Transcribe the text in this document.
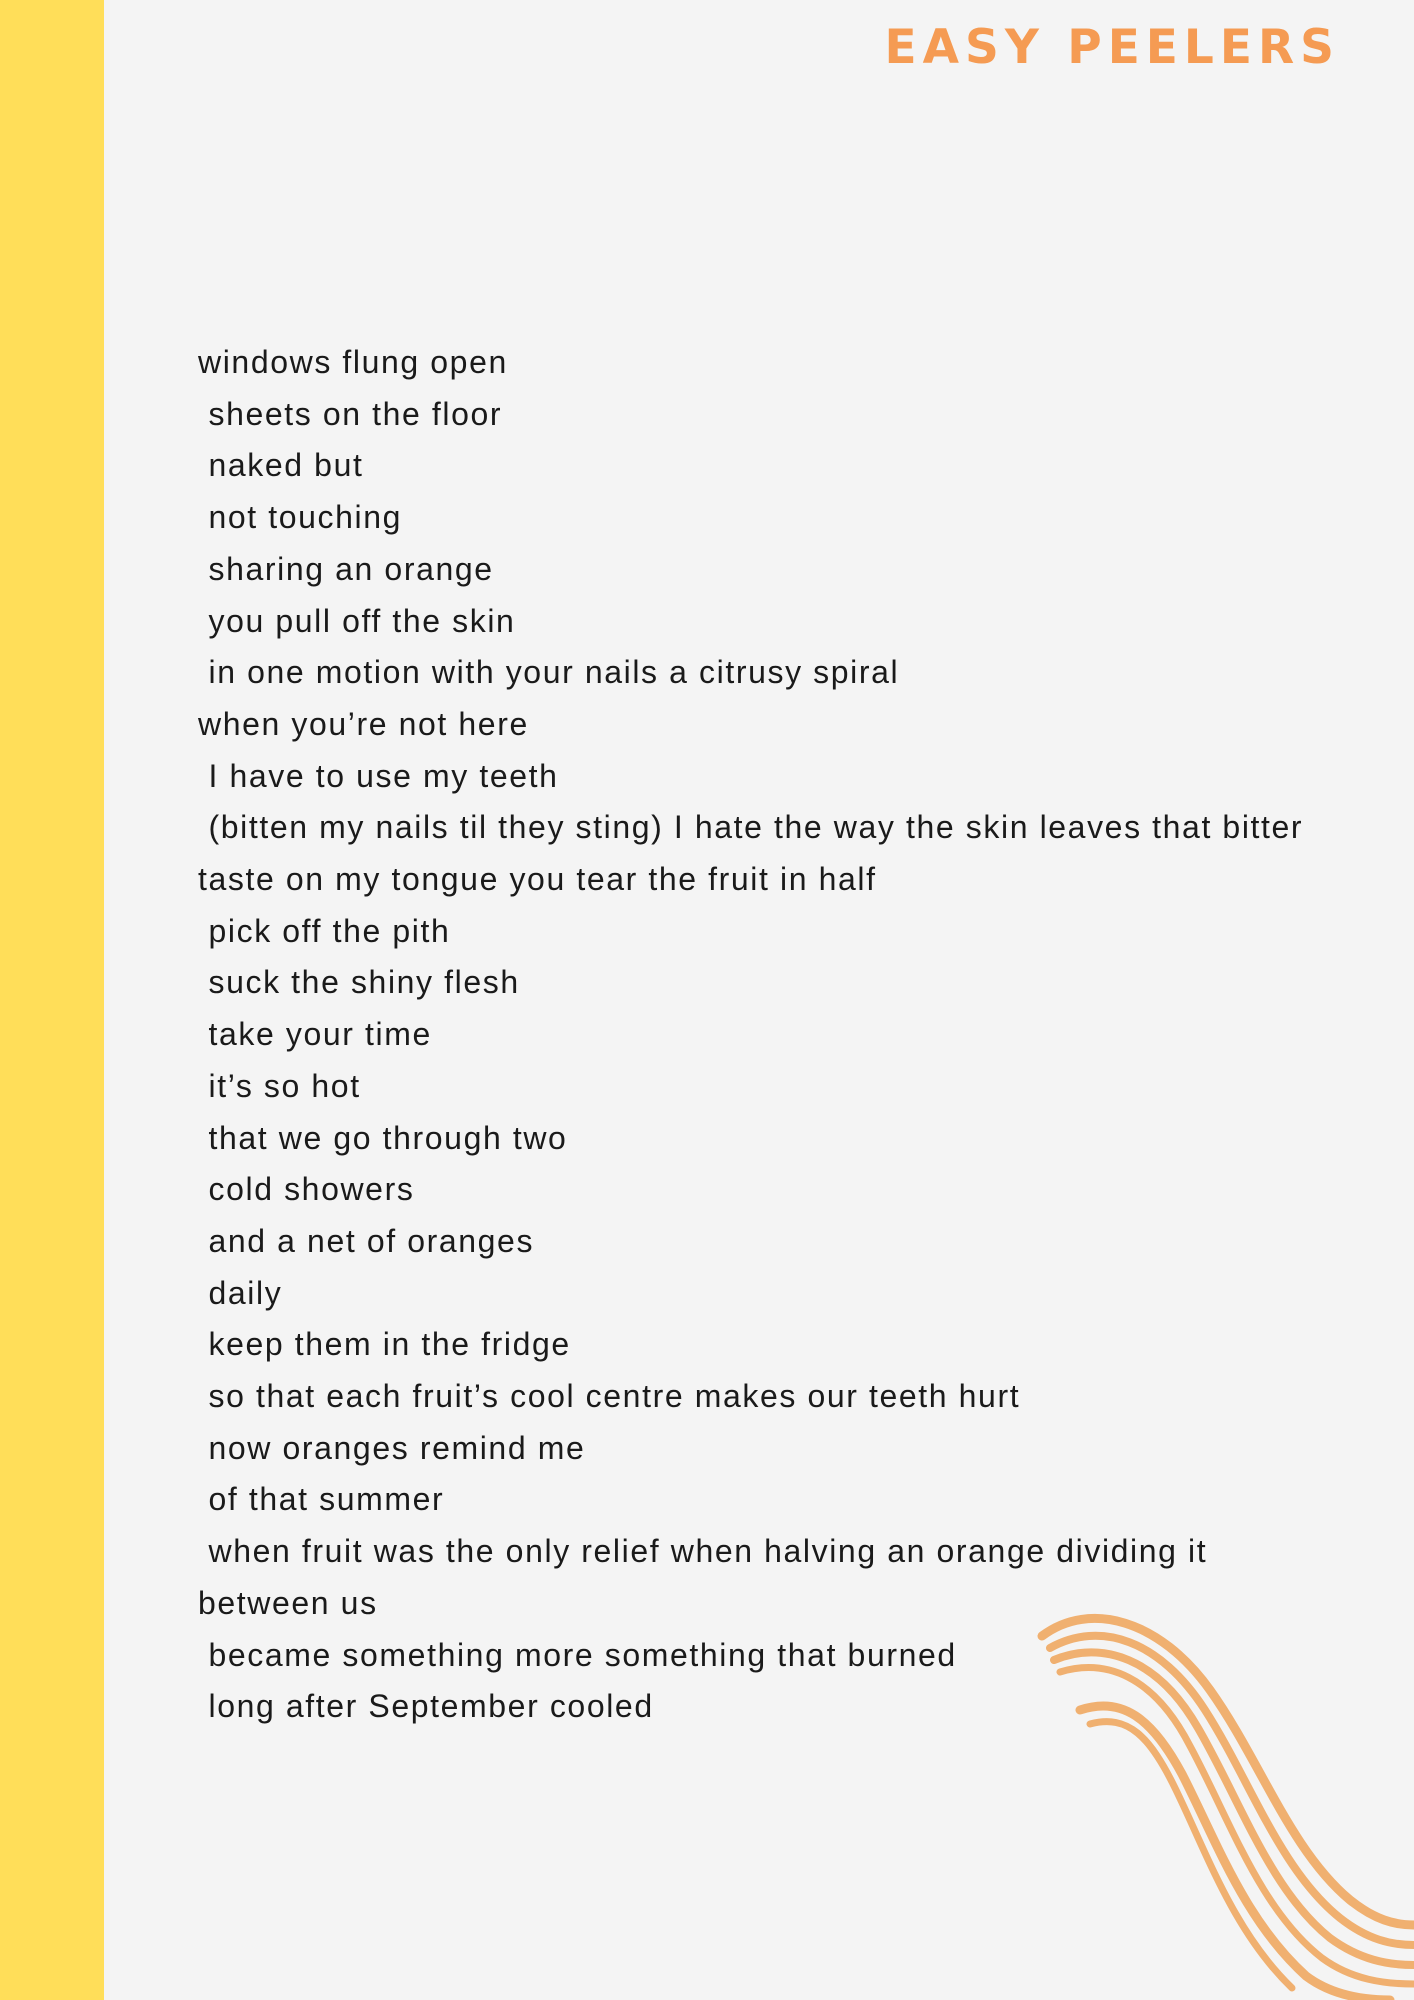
EASY PEELERS
windows flung open
sheets on the floor
naked but
not touching
sharing an orange
you pull off the skin
in one motion with your nails a citrusy spiral
when you’re not here
I have to use my teeth
(bitten my nails til they sting) I hate the way the skin leaves that bitter
taste on my tongue you tear the fruit in half
pick off the pith
suck the shiny flesh
take your time
it’s so hot
that we go through two
cold showers
and a net of oranges
daily
keep them in the fridge
so that each fruit’s cool centre makes our teeth hurt
now oranges remind me
of that summer
when fruit was the only relief when halving an orange dividing it
between us
became something more something that burned
long after September cooled
